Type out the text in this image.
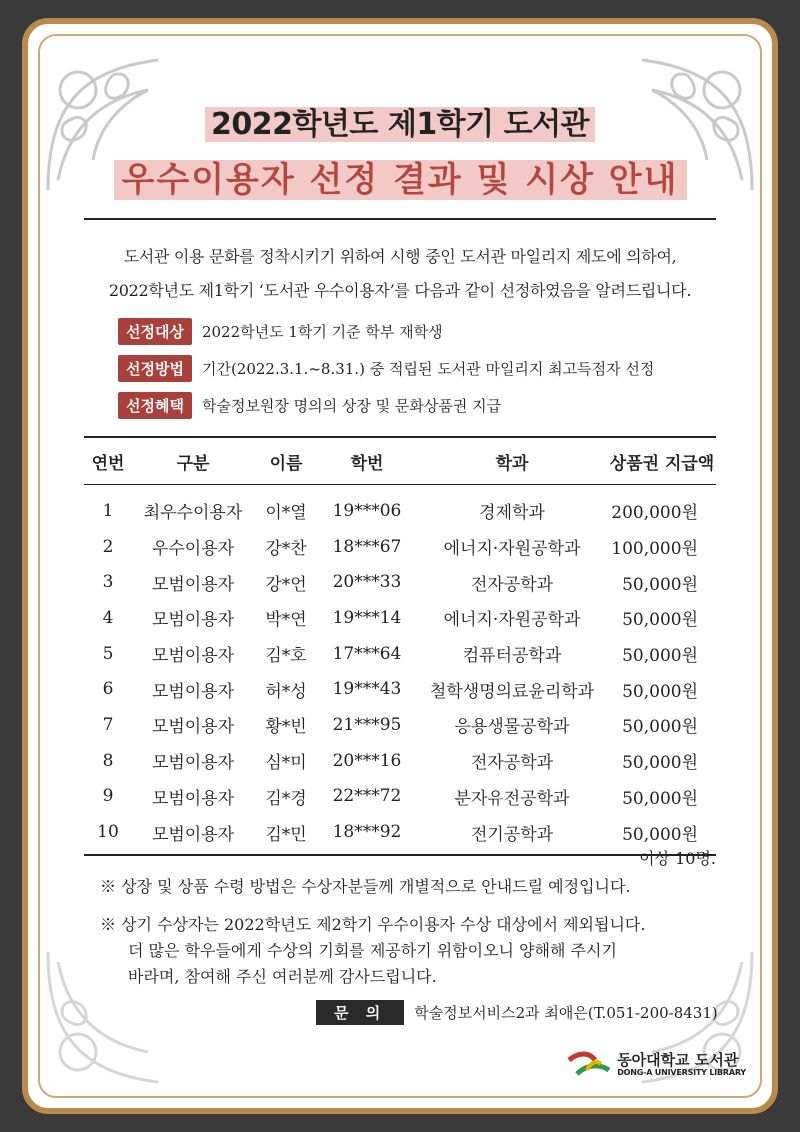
2022학년도 제1학기 도서관
우수이용자 선정 결과 및 시상 안내
도서관 이용 문화를 정착시키기 위하여 시행 중인 도서관 마일리지 제도에 의하여,
2022학년도 제1학기 ‘도서관 우수이용자’를 다음과 같이 선정하였음을 알려드립니다.
선정대상	2022학년도 1학기 기준 학부 재학생
선정방법	기간(2022.3.1.~8.31.) 중 적립된 도서관 마일리지 최고득점자 선정
선정혜택	학술정보원장 명의의 상장 및 문화상품권 지급
연번	구분	이름	학번	학과	상품권 지급액
1	최우수이용자	이*열	19***06	경제학과	200,000원
2	우수이용자	강*찬	18***67	에너지·자원공학과	100,000원
3	모범이용자	강*언	20***33	전자공학과	50,000원
4	모범이용자	박*연	19***14	에너지·자원공학과	50,000원
5	모범이용자	김*호	17***64	컴퓨터공학과	50,000원
6	모범이용자	허*성	19***43	철학생명의료윤리학과	50,000원
7	모범이용자	황*빈	21***95	응용생물공학과	50,000원
8	모범이용자	심*미	20***16	전자공학과	50,000원
9	모범이용자	김*경	22***72	분자유전공학과	50,000원
10	모범이용자	김*민	18***92	전기공학과	50,000원
이상 10명.
※ 상장 및 상품 수령 방법은 수상자분들께 개별적으로 안내드릴 예정입니다.
※ 상기 수상자는 2022학년도 제2학기 우수이용자 수상 대상에서 제외됩니다.
더 많은 학우들에게 수상의 기회를 제공하기 위함이오니 양해해 주시기
바라며, 참여해 주신 여러분께 감사드립니다.
문 의	학술정보서비스2과 최애은(T.051-200-8431)
동아대학교 도서관
DONG-A UNIVERSITY LIBRARY
